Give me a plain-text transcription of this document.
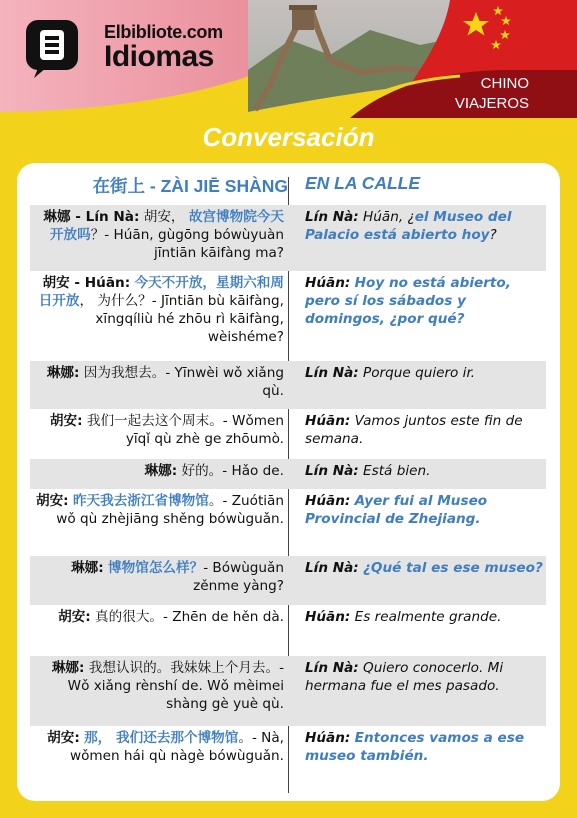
Elbibliote.com
Idiomas
CHINO
VIAJEROS
Conversación
在街上 - ZÀI JIĒ SHÀNG EN LA CALLE
琳娜 - Lín Nà: 胡安， 故宫博物院今天开放吗？- Húān, gùgōng bówùyuàn jīntiān kāifàng ma?
Lín Nà: Húān, ¿el Museo del Palacio está abierto hoy?
胡安 - Húān: 今天不开放，星期六和周日开放， 为什么？- Jīntiān bù kāifàng, xīngqíliù hé zhōu rì kāifàng, wèishéme?
Húān: Hoy no está abierto, pero sí los sábados y domingos, ¿por qué?
琳娜: 因为我想去。- Yīnwèi wǒ xiǎng qù.
Lín Nà: Porque quiero ir.
胡安: 我们一起去这个周末。- Wǒmen yīqǐ qù zhè ge zhōumò.
Húān: Vamos juntos este fin de semana.
琳娜: 好的。- Hǎo de. Lín Nà: Está bien.
胡安: 昨天我去浙江省博物馆。- Zuótiān wǒ qù zhèjiāng shěng bówùguǎn.
Húān: Ayer fui al Museo Provincial de Zhejiang.
琳娜: 博物馆怎么样？- Bówùguǎn zěnme yàng?
Lín Nà: ¿Qué tal es ese museo?
胡安: 真的很大。- Zhēn de hěn dà. Húān: Es realmente grande.
琳娜: 我想认识的。我妹妹上个月去。- Wǒ xiǎng rènshí de. Wǒ mèimei shàng gè yuè qù.
Lín Nà: Quiero conocerlo. Mi hermana fue el mes pasado.
胡安: 那， 我们还去那个博物馆。- Nà, wǒmen hái qù nàgè bówùguǎn.
Húān: Entonces vamos a ese museo también.
